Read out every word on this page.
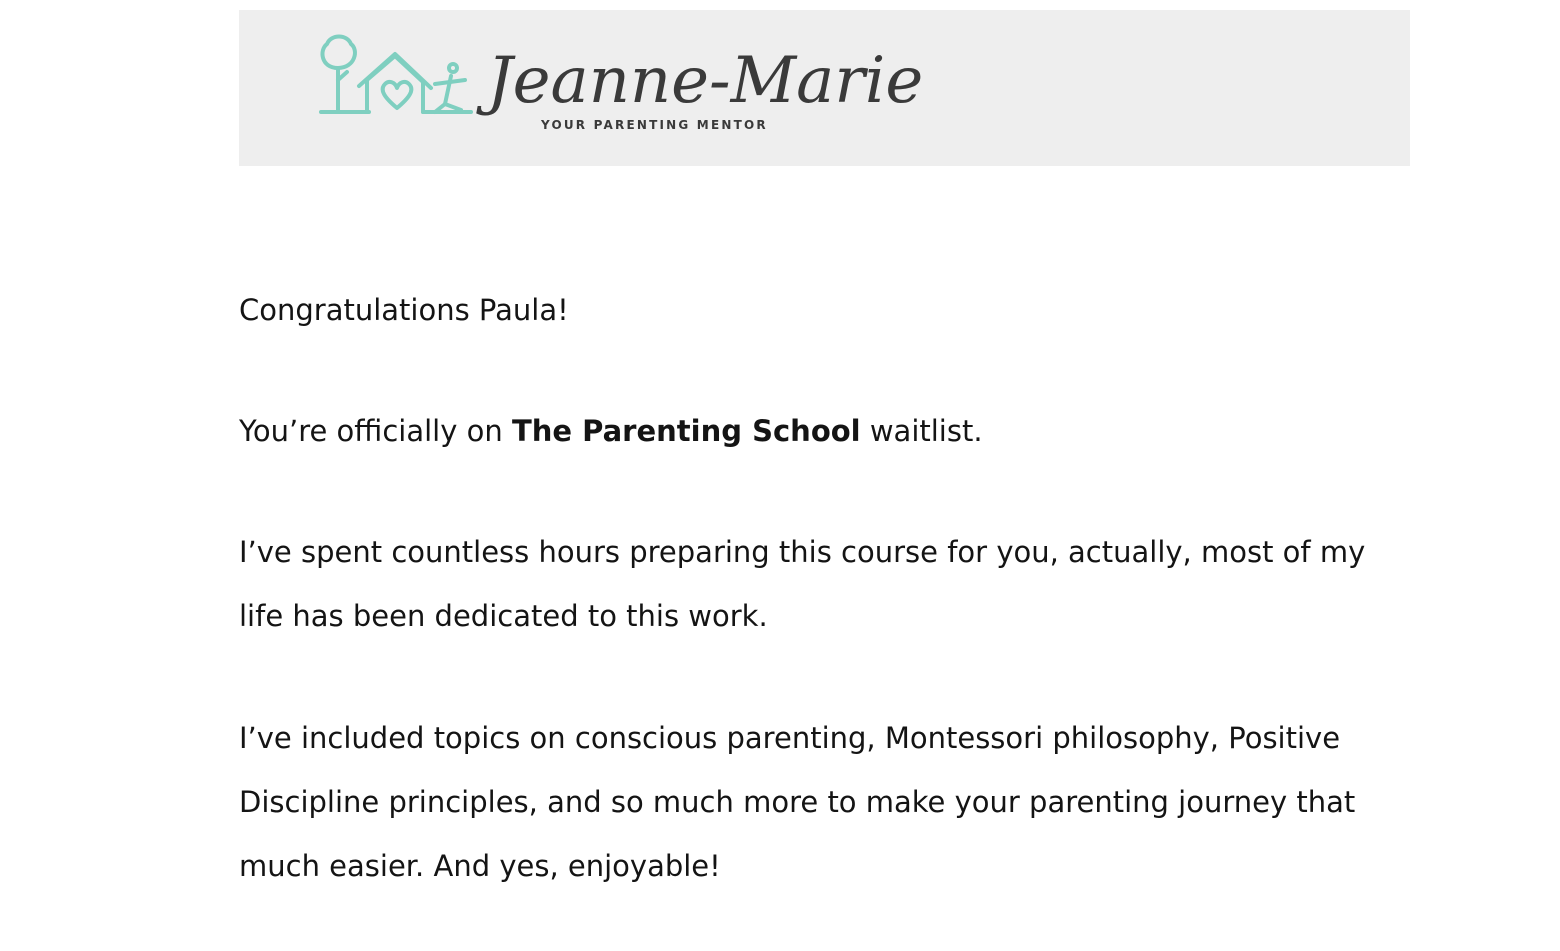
Jeanne-Marie
YOUR PARENTING MENTOR

Congratulations Paula!

You’re officially on The Parenting School waitlist.

I’ve spent countless hours preparing this course for you, actually, most of my life has been dedicated to this work.

I’ve included topics on conscious parenting, Montessori philosophy, Positive Discipline principles, and so much more to make your parenting journey that much easier. And yes, enjoyable!
